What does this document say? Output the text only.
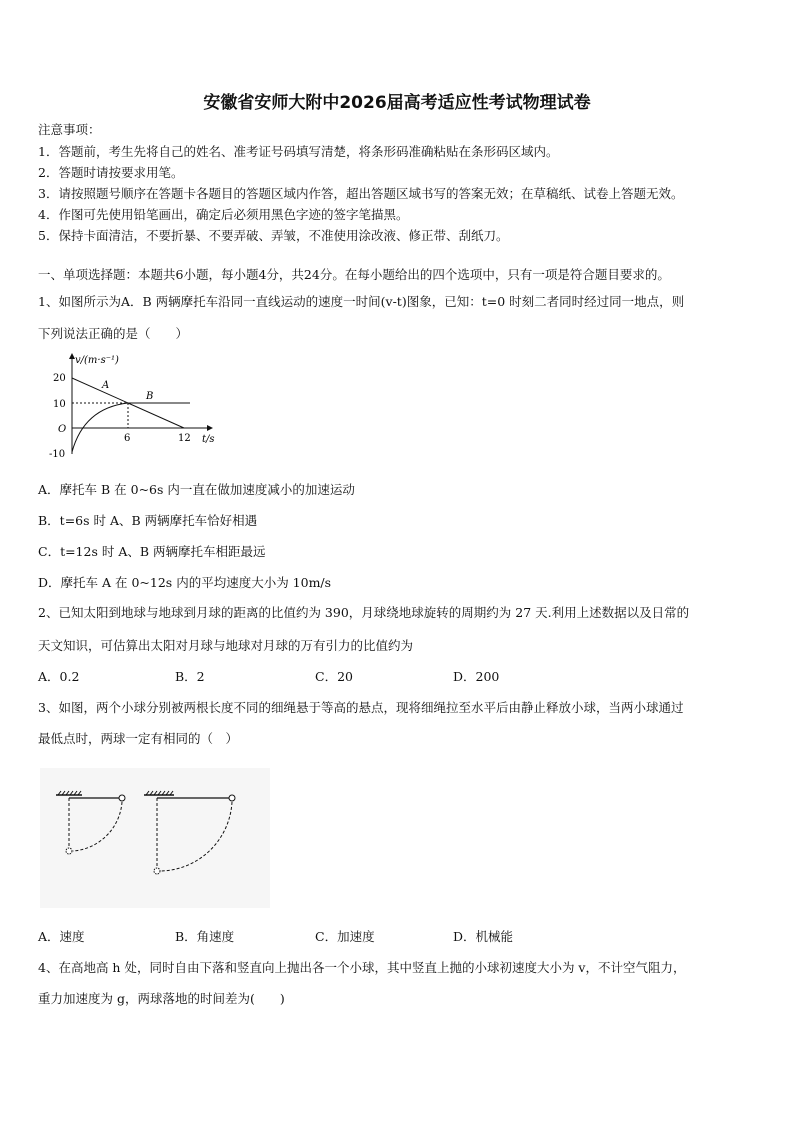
安徽省安师大附中2026届高考适应性考试物理试卷
注意事项：
1．答题前，考生先将自己的姓名、准考证号码填写清楚，将条形码准确粘贴在条形码区域内。
2．答题时请按要求用笔。
3．请按照题号顺序在答题卡各题目的答题区域内作答，超出答题区域书写的答案无效；在草稿纸、试卷上答题无效。
4．作图可先使用铅笔画出，确定后必须用黑色字迹的签字笔描黑。
5．保持卡面清洁，不要折暴、不要弄破、弄皱，不准使用涂改液、修正带、刮纸刀。
一、单项选择题：本题共6小题，每小题4分，共24分。在每小题给出的四个选项中，只有一项是符合题目要求的。
1、如图所示为A．B 两辆摩托车沿同一直线运动的速度一时间(v-t)图象，已知：t=0 时刻二者同时经过同一地点，则
下列说法正确的是（　　）
v/(m·s⁻¹)
t/s
20
10
O
-10
6	12
A
B
A．摩托车 B 在 0~6s 内一直在做加速度减小的加速运动
B．t=6s 时 A、B 两辆摩托车恰好相遇
C．t=12s 时 A、B 两辆摩托车相距最远
D．摩托车 A 在 0~12s 内的平均速度大小为 10m/s
2、已知太阳到地球与地球到月球的距离的比值约为 390，月球绕地球旋转的周期约为 27 天.利用上述数据以及日常的
天文知识，可估算出太阳对月球与地球对月球的万有引力的比值约为
A．0.2	B．2	C．20	D．200
3、如图，两个小球分别被两根长度不同的细绳悬于等高的悬点，现将细绳拉至水平后由静止释放小球，当两小球通过
最低点时，两球一定有相同的（　）
A．速度	B．角速度	C．加速度	D．机械能
4、在高地高 h 处，同时自由下落和竖直向上抛出各一个小球，其中竖直上抛的小球初速度大小为 v，不计空气阻力，
重力加速度为 g，两球落地的时间差为(　　)
